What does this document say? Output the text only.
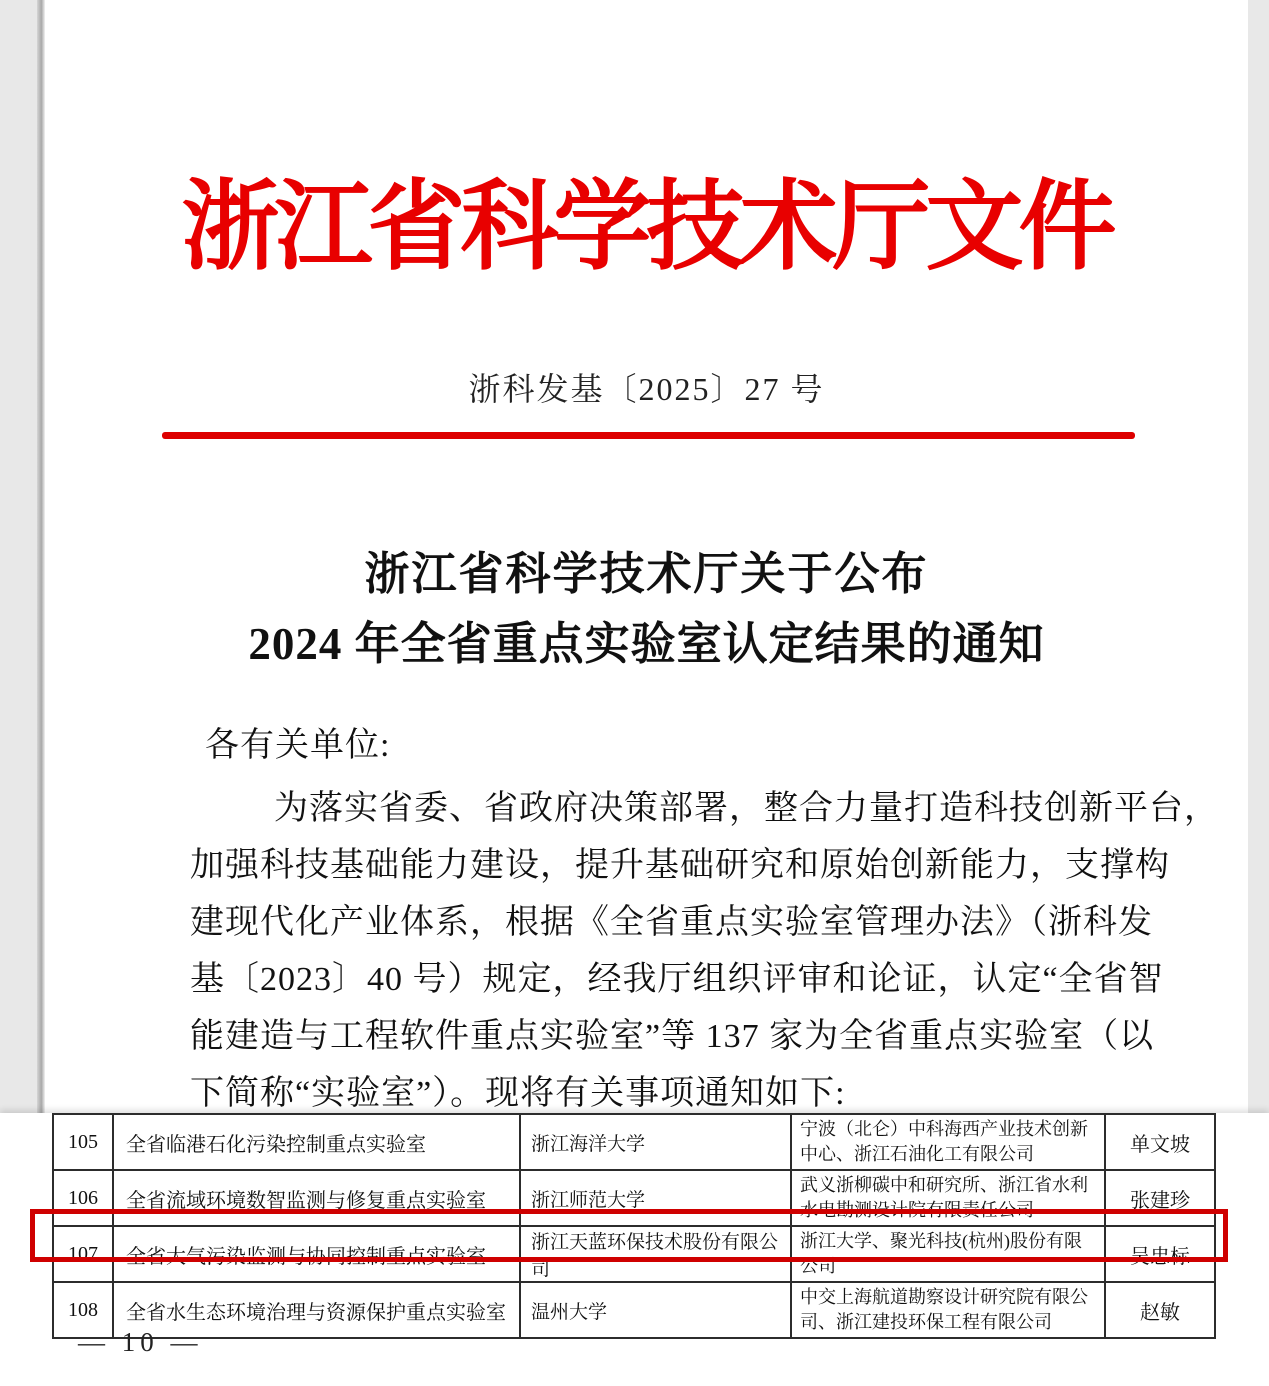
浙江省科学技术厅文件
浙科发基〔2025〕27 号
浙江省科学技术厅关于公布
2024 年全省重点实验室认定结果的通知
各有关单位:
为落实省委、省政府决策部署，整合力量打造科技创新平台，
加强科技基础能力建设，提升基础研究和原始创新能力，支撑构
建现代化产业体系，根据《全省重点实验室管理办法》（浙科发
基〔2023〕40 号）规定，经我厅组织评审和论证，认定“全省智
能建造与工程软件重点实验室”等 137 家为全省重点实验室（以
下简称“实验室”）。现将有关事项通知如下:
105	全省临港石化污染控制重点实验室	浙江海洋大学	宁波（北仑）中科海西产业技术创新中心、浙江石油化工有限公司	单文坡
106	全省流域环境数智监测与修复重点实验室	浙江师范大学	武义浙柳碳中和研究所、浙江省水利水电勘测设计院有限责任公司	张建珍
107	全省大气污染监测与协同控制重点实验室	浙江天蓝环保技术股份有限公司	浙江大学、聚光科技(杭州)股份有限公司	吴忠标
108	全省水生态环境治理与资源保护重点实验室	温州大学	中交上海航道勘察设计研究院有限公司、浙江建投环保工程有限公司	赵敏
— 10 —
